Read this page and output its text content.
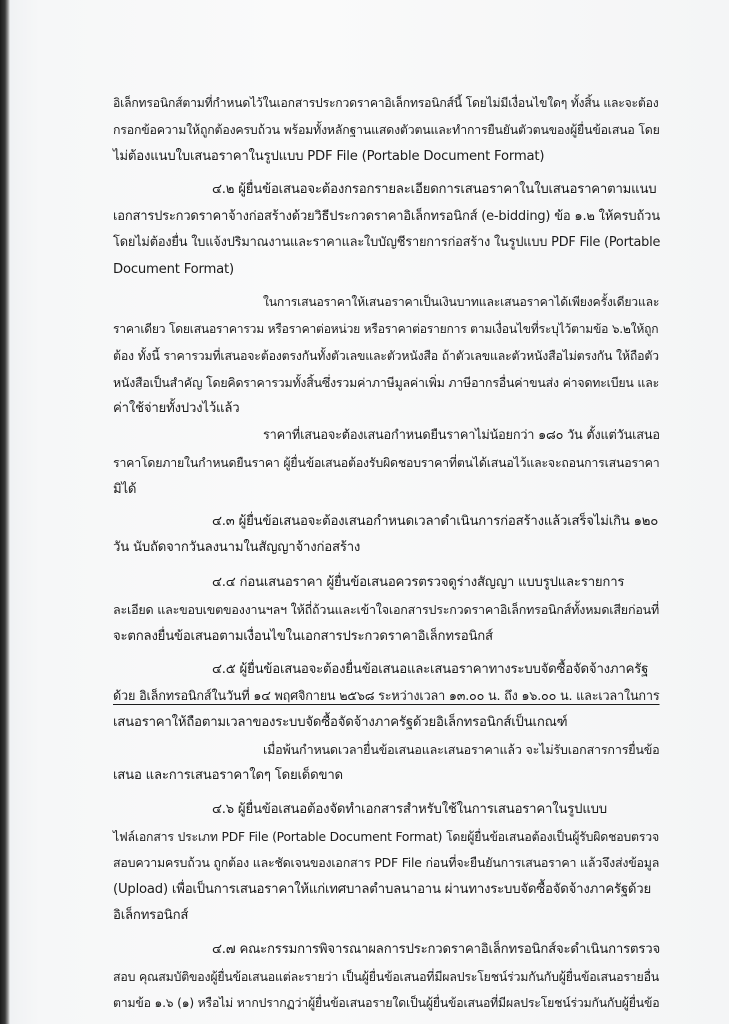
อิเล็กทรอนิกส์ตามที่กำหนดไว้ในเอกสารประกวดราคาอิเล็กทรอนิกส์นี้ โดยไม่มีเงื่อนไขใดๆ ทั้งสิ้น และจะต้อง

กรอกข้อความให้ถูกต้องครบถ้วน พร้อมทั้งหลักฐานแสดงตัวตนและทำการยืนยันตัวตนของผู้ยื่นข้อเสนอ โดย

ไม่ต้องแนบใบเสนอราคาในรูปแบบ PDF File (Portable Document Format)

๔.๒ ผู้ยื่นข้อเสนอจะต้องกรอกรายละเอียดการเสนอราคาในใบเสนอราคาตามแนบ

เอกสารประกวดราคาจ้างก่อสร้างด้วยวิธีประกวดราคาอิเล็กทรอนิกส์ (e-bidding) ข้อ ๑.๒ ให้ครบถ้วน

โดยไม่ต้องยื่น ใบแจ้งปริมาณงานและราคาและใบบัญชีรายการก่อสร้าง ในรูปแบบ PDF File (Portable

Document Format)

ในการเสนอราคาให้เสนอราคาเป็นเงินบาทและเสนอราคาได้เพียงครั้งเดียวและ

ราคาเดียว โดยเสนอราคารวม หรือราคาต่อหน่วย หรือราคาต่อรายการ ตามเงื่อนไขที่ระบุไว้ตามข้อ ๖.๒ให้ถูก

ต้อง ทั้งนี้ ราคารวมที่เสนอจะต้องตรงกันทั้งตัวเลขและตัวหนังสือ ถ้าตัวเลขและตัวหนังสือไม่ตรงกัน ให้ถือตัว

หนังสือเป็นสำคัญ โดยคิดราคารวมทั้งสิ้นซึ่งรวมค่าภาษีมูลค่าเพิ่ม ภาษีอากรอื่นค่าขนส่ง ค่าจดทะเบียน และ

ค่าใช้จ่ายทั้งปวงไว้แล้ว

ราคาที่เสนอจะต้องเสนอกำหนดยืนราคาไม่น้อยกว่า ๑๘๐ วัน ตั้งแต่วันเสนอ

ราคาโดยภายในกำหนดยืนราคา ผู้ยื่นข้อเสนอต้องรับผิดชอบราคาที่ตนได้เสนอไว้และจะถอนการเสนอราคา

มิได้

๔.๓ ผู้ยื่นข้อเสนอจะต้องเสนอกำหนดเวลาดำเนินการก่อสร้างแล้วเสร็จไม่เกิน ๑๒๐

วัน นับถัดจากวันลงนามในสัญญาจ้างก่อสร้าง

๔.๔ ก่อนเสนอราคา ผู้ยื่นข้อเสนอควรตรวจดูร่างสัญญา แบบรูปและรายการ

ละเอียด และขอบเขตของงานฯลฯ ให้ถี่ถ้วนและเข้าใจเอกสารประกวดราคาอิเล็กทรอนิกส์ทั้งหมดเสียก่อนที่

จะตกลงยื่นข้อเสนอตามเงื่อนไขในเอกสารประกวดราคาอิเล็กทรอนิกส์

๔.๕ ผู้ยื่นข้อเสนอจะต้องยื่นข้อเสนอและเสนอราคาทางระบบจัดซื้อจัดจ้างภาครัฐ

ด้วย อิเล็กทรอนิกส์ในวันที่ ๑๔ พฤศจิกายน ๒๕๖๘ ระหว่างเวลา ๑๓.๐๐ น. ถึง ๑๖.๐๐ น. และเวลาในการ

เสนอราคาให้ถือตามเวลาของระบบจัดซื้อจัดจ้างภาครัฐด้วยอิเล็กทรอนิกส์เป็นเกณฑ์

เมื่อพ้นกำหนดเวลายื่นข้อเสนอและเสนอราคาแล้ว จะไม่รับเอกสารการยื่นข้อ

เสนอ และการเสนอราคาใดๆ โดยเด็ดขาด

๔.๖ ผู้ยื่นข้อเสนอต้องจัดทำเอกสารสำหรับใช้ในการเสนอราคาในรูปแบบ

ไฟล์เอกสาร ประเภท PDF File (Portable Document Format) โดยผู้ยื่นข้อเสนอต้องเป็นผู้รับผิดชอบตรวจ

สอบความครบถ้วน ถูกต้อง และชัดเจนของเอกสาร PDF File ก่อนที่จะยืนยันการเสนอราคา แล้วจึงส่งข้อมูล

(Upload) เพื่อเป็นการเสนอราคาให้แก่เทศบาลตำบลนาอาน ผ่านทางระบบจัดซื้อจัดจ้างภาครัฐด้วย

อิเล็กทรอนิกส์

๔.๗ คณะกรรมการพิจารณาผลการประกวดราคาอิเล็กทรอนิกส์จะดำเนินการตรวจ

สอบ คุณสมบัติของผู้ยื่นข้อเสนอแต่ละรายว่า เป็นผู้ยื่นข้อเสนอที่มีผลประโยชน์ร่วมกันกับผู้ยื่นข้อเสนอรายอื่น

ตามข้อ ๑.๖ (๑) หรือไม่ หากปรากฏว่าผู้ยื่นข้อเสนอรายใดเป็นผู้ยื่นข้อเสนอที่มีผลประโยชน์ร่วมกันกับผู้ยื่นข้อ
